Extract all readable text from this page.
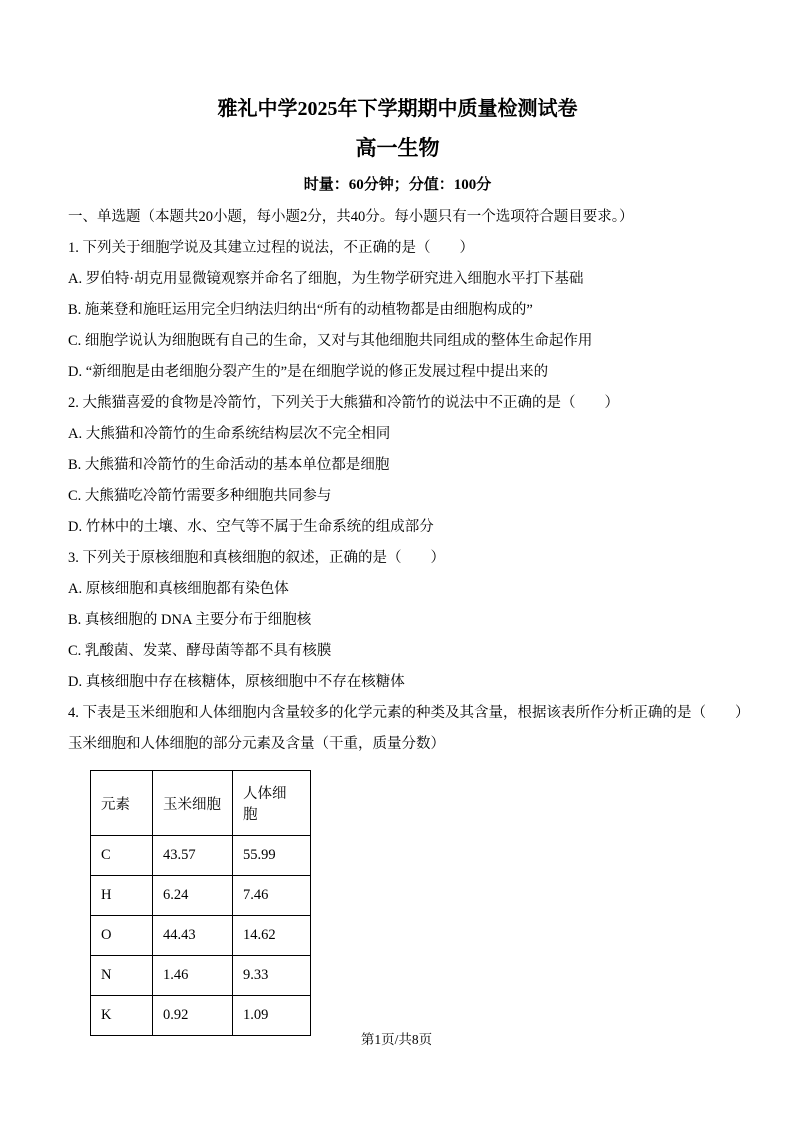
雅礼中学2025年下学期期中质量检测试卷
高一生物
时量：60分钟；分值：100分
一、单选题（本题共20小题，每小题2分，共40分。每小题只有一个选项符合题目要求。）
1. 下列关于细胞学说及其建立过程的说法，不正确的是（　　）
A. 罗伯特·胡克用显微镜观察并命名了细胞，为生物学研究进入细胞水平打下基础
B. 施莱登和施旺运用完全归纳法归纳出“所有的动植物都是由细胞构成的”
C. 细胞学说认为细胞既有自己的生命，又对与其他细胞共同组成的整体生命起作用
D. “新细胞是由老细胞分裂产生的”是在细胞学说的修正发展过程中提出来的
2. 大熊猫喜爱的食物是冷箭竹，下列关于大熊猫和冷箭竹的说法中不正确的是（　　）
A. 大熊猫和冷箭竹的生命系统结构层次不完全相同
B. 大熊猫和冷箭竹的生命活动的基本单位都是细胞
C. 大熊猫吃冷箭竹需要多种细胞共同参与
D. 竹林中的土壤、水、空气等不属于生命系统的组成部分
3. 下列关于原核细胞和真核细胞的叙述，正确的是（　　）
A. 原核细胞和真核细胞都有染色体
B. 真核细胞的 DNA 主要分布于细胞核
C. 乳酸菌、发菜、酵母菌等都不具有核膜
D. 真核细胞中存在核糖体，原核细胞中不存在核糖体
4. 下表是玉米细胞和人体细胞内含量较多的化学元素的种类及其含量，根据该表所作分析正确的是（　　）
玉米细胞和人体细胞的部分元素及含量（干重，质量分数）
元素	玉米细胞	人体细胞
C	43.57	55.99
H	6.24	7.46
O	44.43	14.62
N	1.46	9.33
K	0.92	1.09
第1页/共8页
